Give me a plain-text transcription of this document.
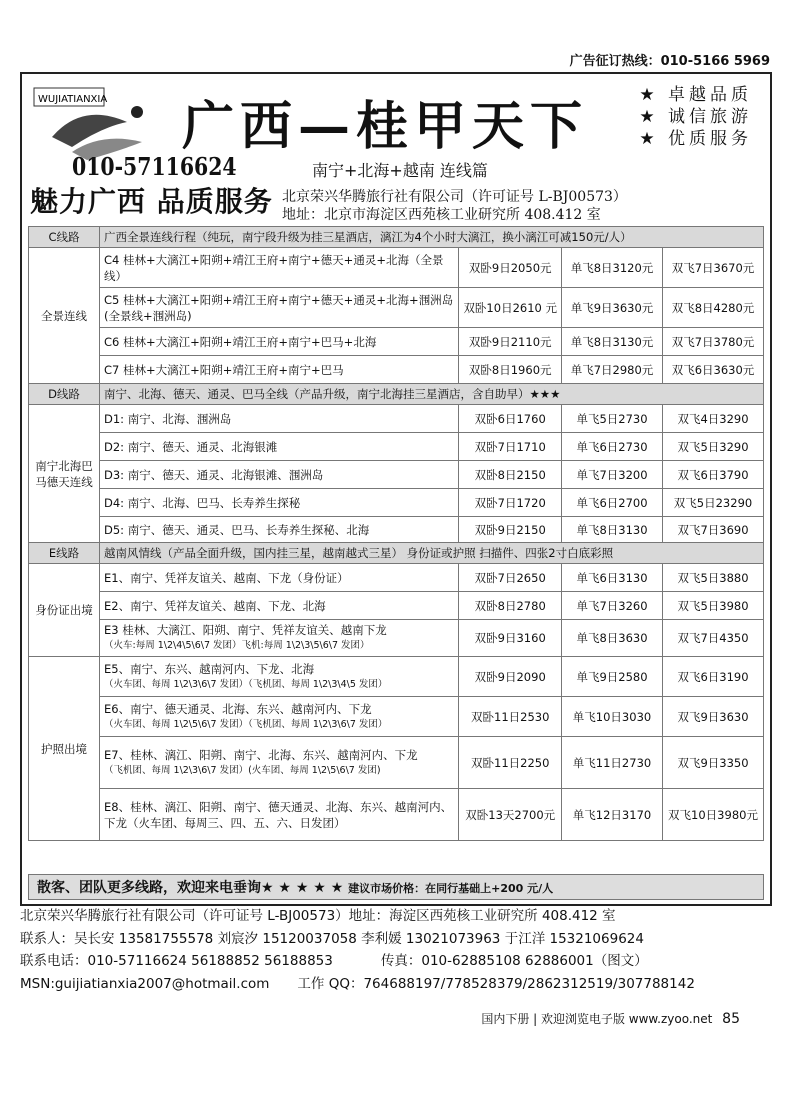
广告征订热线：010-5166 5969
WUJIATIANXIA 广西—桂甲天下
★ 卓越品质
★ 诚信旅游
★ 优质服务
010-57116624	南宁+北海+越南 连线篇
魅力广西 品质服务 北京荣兴华腾旅行社有限公司（许可证号 L-BJ00573）
地址：北京市海淀区西苑核工业研究所 408.412 室
C线路	广西全景连线行程（纯玩，南宁段升级为挂三星酒店，漓江为4个小时大漓江，换小漓江可减150元/人）			
全景连线	C4 桂林+大漓江+阳朔+靖江王府+南宁+德天+通灵+北海（全景线）	双卧9日2050元	单飞8日3120元	双飞7日3670元
	C5 桂林+大漓江+阳朔+靖江王府+南宁+德天+通灵+北海+涠洲岛(全景线+涠洲岛)	双卧10日2610 元	单飞9日3630元	双飞8日4280元
	C6 桂林+大漓江+阳朔+靖江王府+南宁+巴马+北海	双卧9日2110元	单飞8日3130元	双飞7日3780元
	C7 桂林+大漓江+阳朔+靖江王府+南宁+巴马	双卧8日1960元	单飞7日2980元	双飞6日3630元
D线路	南宁、北海、德天、通灵、巴马全线（产品升级，南宁北海挂三星酒店，含自助早）★★★			
南宁北海巴马德天连线	D1: 南宁、北海、涠洲岛	双卧6日1760	单飞5日2730	双飞4日3290
	D2: 南宁、德天、通灵、北海银滩	双卧7日1710	单飞6日2730	双飞5日3290
	D3: 南宁、德天、通灵、北海银滩、涠洲岛	双卧8日2150	单飞7日3200	双飞6日3790
	D4: 南宁、北海、巴马、长寿养生探秘	双卧7日1720	单飞6日2700	双飞5日23290
	D5: 南宁、德天、通灵、巴马、长寿养生探秘、北海	双卧9日2150	单飞8日3130	双飞7日3690
E线路	越南风情线（产品全面升级，国内挂三星，越南越式三星） 身份证或护照 扫描件、四张2寸白底彩照			
身份证出境	E1、南宁、凭祥友谊关、越南、下龙（身份证）	双卧7日2650	单飞6日3130	双飞5日3880
	E2、南宁、凭祥友谊关、越南、下龙、北海	双卧8日2780	单飞7日3260	双飞5日3980

	E3 桂林、大漓江、阳朔、南宁、凭祥友谊关、越南下龙
（火车:每周 1\2\4\5\6\7 发团）飞机:每周 1\2\3\5\6\7 发团）	双卧9日3160	单飞8日3630	双飞7日4350
护照出境	E5、南宁、东兴、越南河内、下龙、北海
（火车团、每周 1\2\3\6\7 发团）（飞机团、每周 1\2\3\4\5 发团）	双卧9日2090	单飞9日2580	双飞6日3190

	E6、南宁、德天通灵、北海、东兴、越南河内、下龙
（火车团、每周 1\2\5\6\7 发团）（飞机团、每周 1\2\3\6\7 发团）	双卧11日2530	单飞10日3030	双飞9日3630

	E7、桂林、漓江、阳朔、南宁、北海、东兴、越南河内、下龙
（飞机团、每周 1\2\3\6\7 发团）(火车团、每周 1\2\5\6\7 发团)	双卧11日2250	单飞11日2730	双飞9日3350
	E8、桂林、漓江、阳朔、南宁、德天通灵、北海、东兴、越南河内、下龙（火车团、每周三、四、五、六、日发团）	双卧13天2700元	单飞12日3170	双飞10日3980元
散客、团队更多线路，欢迎来电垂询★ ★ ★ ★ ★ 建议市场价格：在同行基础上+200 元/人
北京荣兴华腾旅行社有限公司（许可证号 L-BJ00573）地址：海淀区西苑核工业研究所 408.412 室
联系人：吴长安 13581755578 刘宸汐 15120037058 李利媛 13021073963 于江洋 15321069624
联系电话：010-57116624 56188852 56188853	传真：010-62885108 62886001（图文）
MSN:guijiatianxia2007@hotmail.com 工作 QQ：764688197/778528379/2862312519/307788142
国内下册 | 欢迎浏览电子版 www.zyoo.net 85
